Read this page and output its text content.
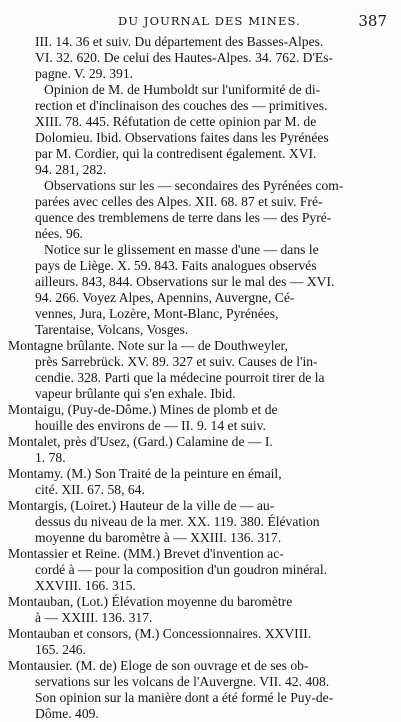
DU JOURNAL DES MINES.	387
III. 14. 36 et suiv. Du département des Basses-Alpes.
VI. 32. 620. De celui des Hautes-Alpes. 34. 762. D'Es-
pagne. V. 29. 391.
Opinion de M. de Humboldt sur l'uniformité de di-
rection et d'inclinaison des couches des — primitives.
XIII. 78. 445. Réfutation de cette opinion par M. de
Dolomieu. Ibid. Observations faites dans les Pyrénées
par M. Cordier, qui la contredisent également. XVI.
94. 281, 282.
Observations sur les — secondaires des Pyrénées com-
parées avec celles des Alpes. XII. 68. 87 et suiv. Fré-
quence des tremblemens de terre dans les — des Pyré-
nées. 96.
Notice sur le glissement en masse d'une — dans le
pays de Liège. X. 59. 843. Faits analogues observés
ailleurs. 843, 844. Observations sur le mal des — XVI.
94. 266. Voyez Alpes, Apennins, Auvergne, Cé-
vennes, Jura, Lozère, Mont-Blanc, Pyrénées,
Tarentaise, Volcans, Vosges.
Montagne brûlante. Note sur la — de Douthweyler,
près Sarrebrück. XV. 89. 327 et suiv. Causes de l'in-
cendie. 328. Parti que la médecine pourroit tirer de la
vapeur brûlante qui s'en exhale. Ibid.
Montaigu, (Puy-de-Dôme.) Mines de plomb et de
houille des environs de — II. 9. 14 et suiv.
Montalet, près d'Usez, (Gard.) Calamine de — I.
1. 78.
Montamy. (M.) Son Traité de la peinture en émail,
cité. XII. 67. 58, 64.
Montargis, (Loiret.) Hauteur de la ville de — au-
dessus du niveau de la mer. XX. 119. 380. Élévation
moyenne du baromètre à — XXIII. 136. 317.
Montassier et Reine. (MM.) Brevet d'invention ac-
cordé à — pour la composition d'un goudron minéral.
XXVIII. 166. 315.
Montauban, (Lot.) Élévation moyenne du baromètre
à — XXIII. 136. 317.
Montauban et consors, (M.) Concessionnaires. XXVIII.
165. 246.
Montausier. (M. de) Eloge de son ouvrage et de ses ob-
servations sur les volcans de l'Auvergne. VII. 42. 408.
Son opinion sur la manière dont a été formé le Puy-de-
Dôme. 409.
